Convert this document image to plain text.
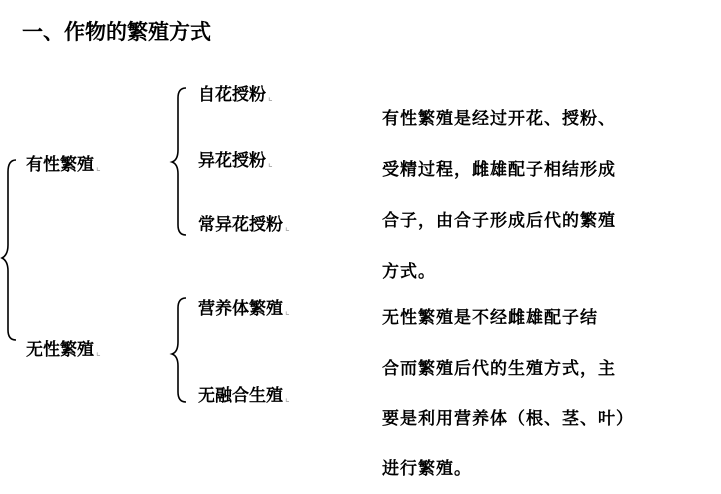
一、作物的繁殖方式
有性繁殖 ⌞
无性繁殖 ⌞
自花授粉 ⌞
异花授粉 ⌞
常异花授粉 ⌞
营养体繁殖 ⌞
无融合生殖 ⌞
有性繁殖是经过开花、授粉、
受精过程，雌雄配子相结形成
合子，由合子形成后代的繁殖
方式。
无性繁殖是不经雌雄配子结
合而繁殖后代的生殖方式，主
要是利用营养体（根、茎、叶）
进行繁殖。
